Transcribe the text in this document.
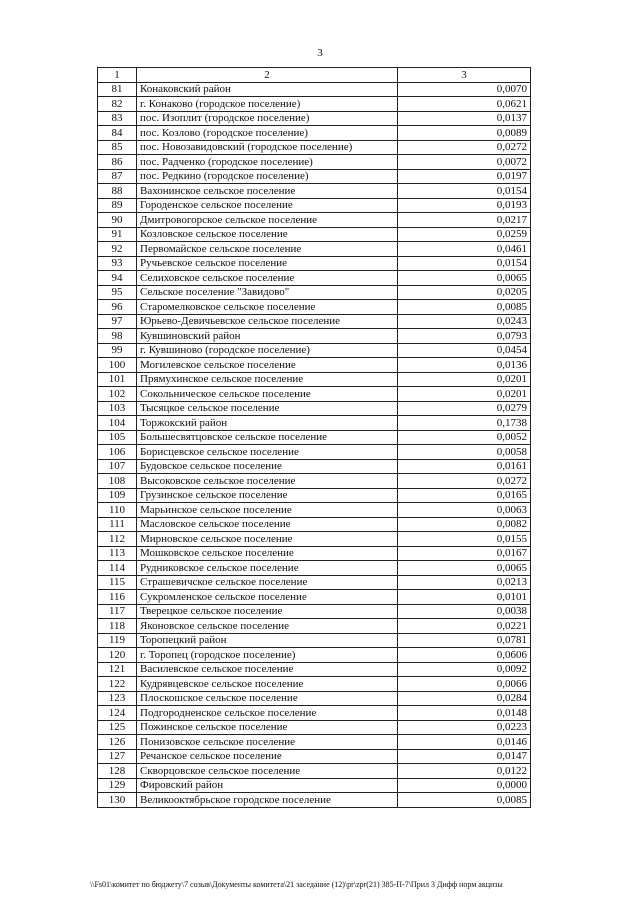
3
1	2	3
81	Конаковский район	0,0070
82	г. Конаково (городское поселение)	0,0621
83	пос. Изоплит (городское поселение)	0,0137
84	пос. Козлово (городское поселение)	0,0089
85	пос. Новозавидовский (городское поселение)	0,0272
86	пос. Радченко (городское поселение)	0,0072
87	пос. Редкино (городское поселение)	0,0197
88	Вахонинское сельское поселение	0,0154
89	Городенское сельское поселение	0,0193
90	Дмитровогорское сельское поселение	0,0217
91	Козловское сельское поселение	0,0259
92	Первомайское сельское поселение	0,0461
93	Ручьевское сельское поселение	0,0154
94	Селиховское сельское поселение	0,0065
95	Сельское поселение "Завидово"	0,0205
96	Старомелковское сельское поселение	0,0085
97	Юрьево-Девичьевское сельское поселение	0,0243
98	Кувшиновский район	0,0793
99	г. Кувшиново (городское поселение)	0,0454
100	Могилевское сельское поселение	0,0136
101	Прямухинское сельское поселение	0,0201
102	Сокольническое сельское поселение	0,0201
103	Тысяцкое сельское поселение	0,0279
104	Торжокский район	0,1738
105	Большесвятцовское сельское поселение	0,0052
106	Борисцевское сельское поселение	0,0058
107	Будовское сельское поселение	0,0161
108	Высоковское сельское поселение	0,0272
109	Грузинское сельское поселение	0,0165
110	Марьинское сельское поселение	0,0063
111	Масловское сельское поселение	0,0082
112	Мирновское сельское поселение	0,0155
113	Мошковское сельское поселение	0,0167
114	Рудниковское сельское поселение	0,0065
115	Страшевичское сельское поселение	0,0213
116	Сукромленское сельское поселение	0,0101
117	Тверецкое сельское поселение	0,0038
118	Яконовское сельское поселение	0,0221
119	Торопецкий район	0,0781
120	г. Торопец (городское поселение)	0,0606
121	Василевское сельское поселение	0,0092
122	Кудрявцевское сельское поселение	0,0066
123	Плоскошское сельское поселение	0,0284
124	Подгородненское сельское поселение	0,0148
125	Пожинское сельское поселение	0,0223
126	Понизовское сельское поселение	0,0146
127	Речанское сельское поселение	0,0147
128	Скворцовское сельское поселение	0,0122
129	Фировский район	0,0000
130	Великооктябрьское городское поселение	0,0085
\\Fs01\комитет по бюджету\7 созыв\Документы комитета\21 заседание (12)\pr\zpr(21) 385-П-7\Прил 3 Дифф норм акцизы
